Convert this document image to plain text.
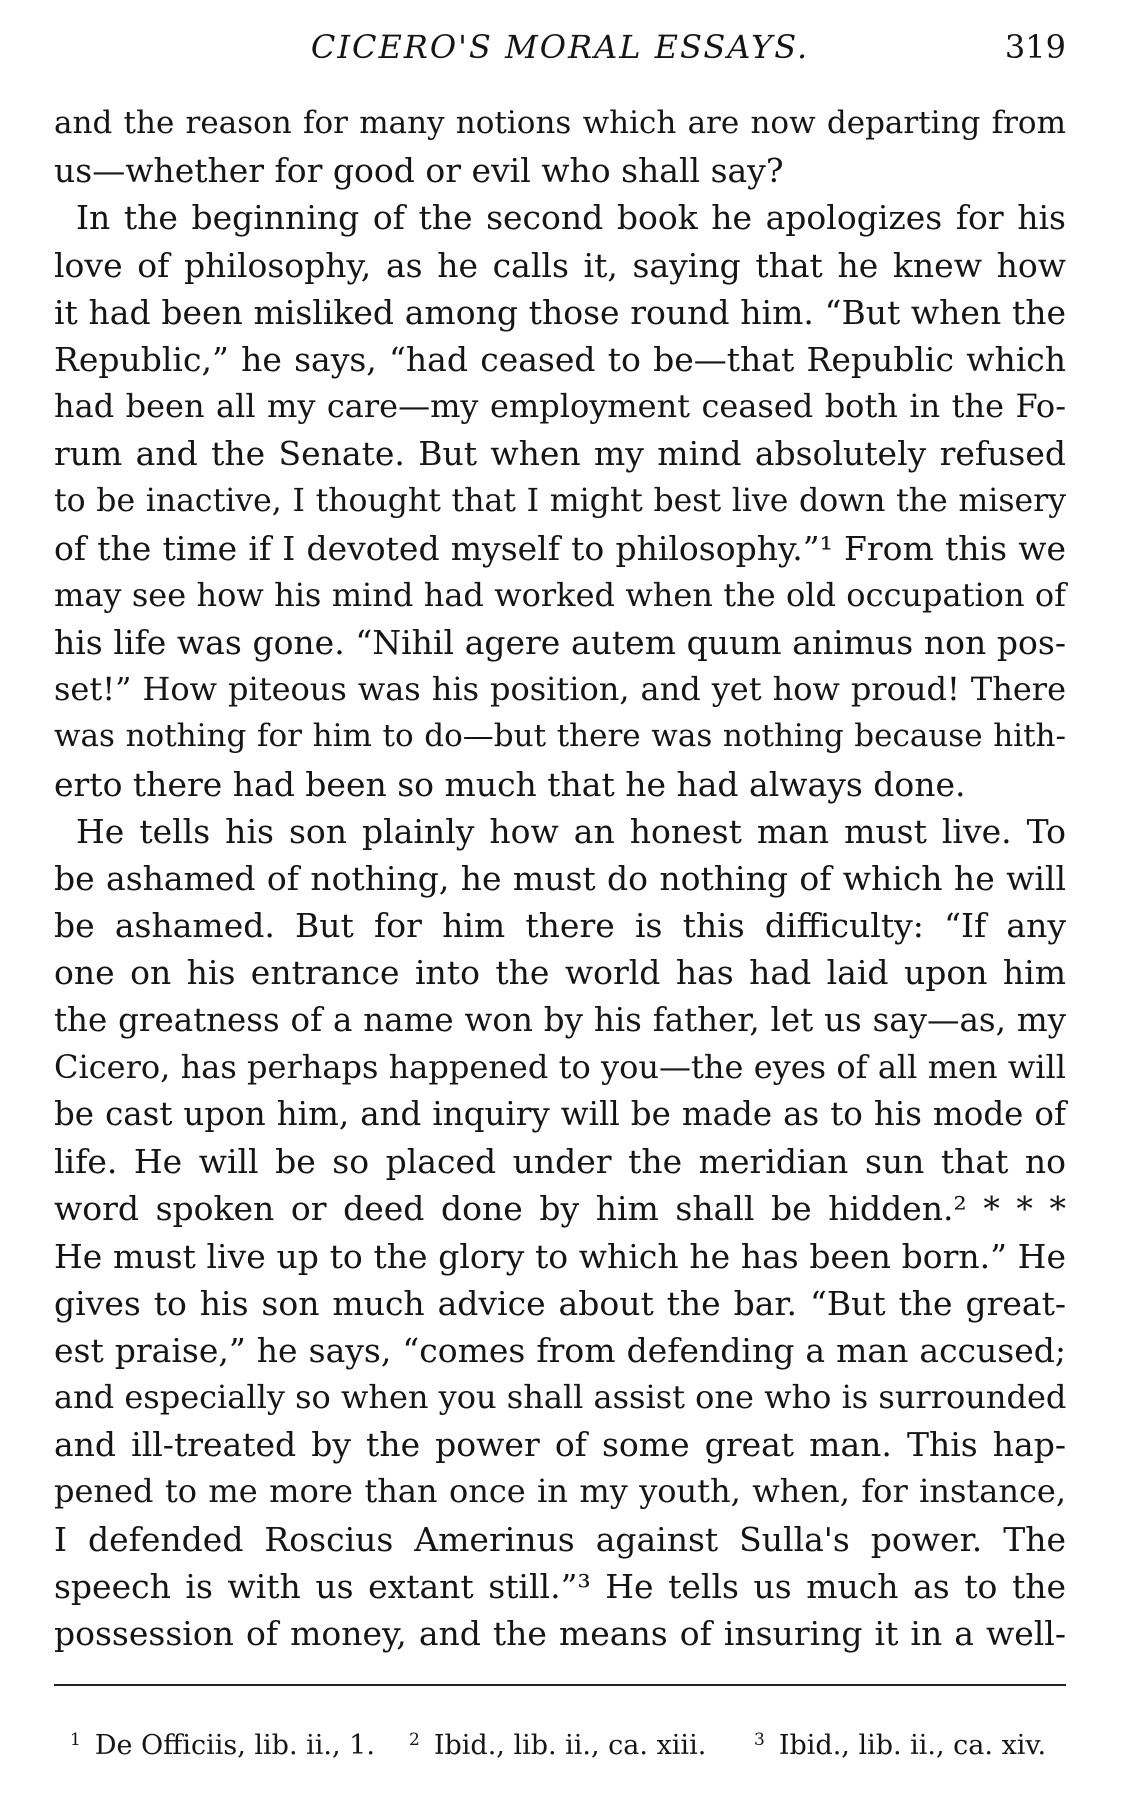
CICERO'S MORAL ESSAYS.	319
and the reason for many notions which are now departing from
us—whether for good or evil who shall say?
In the beginning of the second book he apologizes for his
love of philosophy, as he calls it, saying that he knew how
it had been misliked among those round him. “But when the
Republic,” he says, “had ceased to be—that Republic which
had been all my care—my employment ceased both in the Fo-
rum and the Senate. But when my mind absolutely refused
to be inactive, I thought that I might best live down the misery
of the time if I devoted myself to philosophy.”¹ From this we
may see how his mind had worked when the old occupation of
his life was gone. “Nihil agere autem quum animus non pos-
set!” How piteous was his position, and yet how proud! There
was nothing for him to do—but there was nothing because hith-
erto there had been so much that he had always done.
He tells his son plainly how an honest man must live. To
be ashamed of nothing, he must do nothing of which he will
be ashamed. But for him there is this difficulty: “If any
one on his entrance into the world has had laid upon him
the greatness of a name won by his father, let us say—as, my
Cicero, has perhaps happened to you—the eyes of all men will
be cast upon him, and inquiry will be made as to his mode of
life. He will be so placed under the meridian sun that no
word spoken or deed done by him shall be hidden.² * * *
He must live up to the glory to which he has been born.” He
gives to his son much advice about the bar. “But the great-
est praise,” he says, “comes from defending a man accused;
and especially so when you shall assist one who is surrounded
and ill-treated by the power of some great man. This hap-
pened to me more than once in my youth, when, for instance,
I defended Roscius Amerinus against Sulla's power. The
speech is with us extant still.”³ He tells us much as to the
possession of money, and the means of insuring it in a well-
$^1$ De Officiis, lib. ii., 1. $^2$ Ibid., lib. ii., ca. xiii.	$^3$ Ibid., lib. ii., ca. xiv.
